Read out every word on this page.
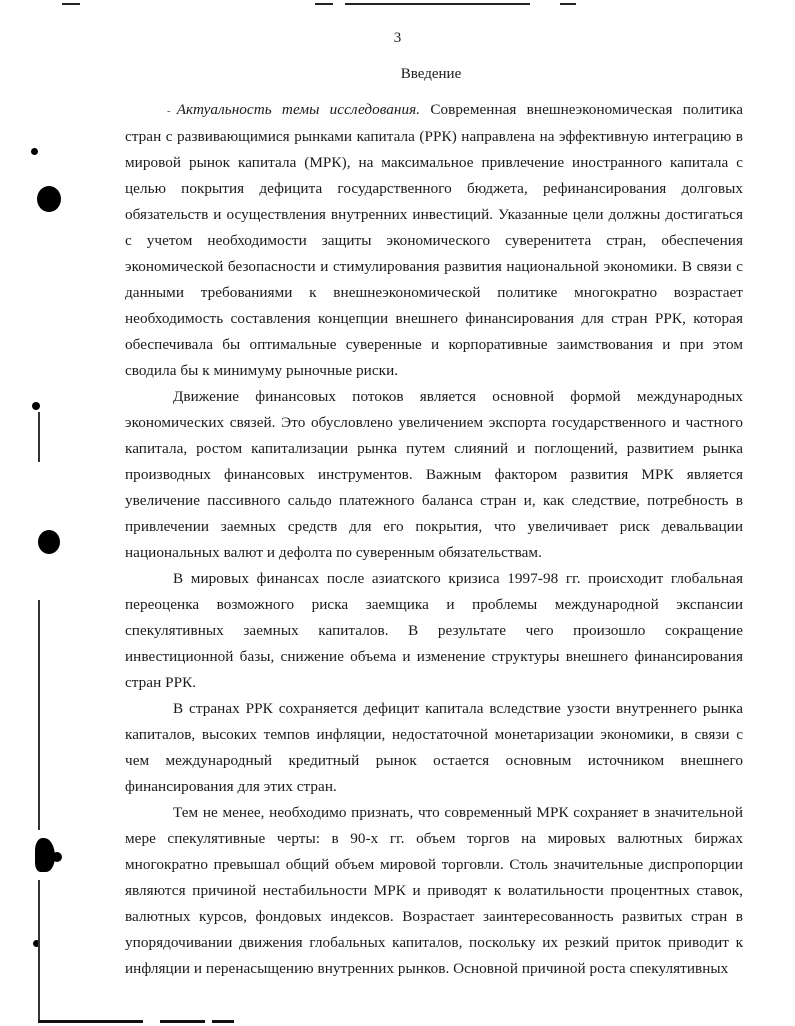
3
Введение

- Актуальность темы исследования. Современная внешнеэкономическая политика стран с развивающимися рынками капитала (РРК) направлена на эффективную интеграцию в мировой рынок капитала (МРК), на максимальное привлечение иностранного капитала с целью покрытия дефицита государственного бюджета, рефинансирования долговых обязательств и осуществления внутренних инвестиций. Указанные цели должны достигаться с учетом необходимости защиты экономического суверенитета стран, обеспечения экономической безопасности и стимулирования развития национальной экономики. В связи с данными требованиями к внешнеэкономической политике многократно возрастает необходимость составления концепции внешнего финансирования для стран РРК, которая обеспечивала бы оптимальные суверенные и корпоративные заимствования и при этом сводила бы к минимуму рыночные риски.

Движение финансовых потоков является основной формой международных экономических связей. Это обусловлено увеличением экспорта государственного и частного капитала, ростом капитализации рынка путем слияний и поглощений, развитием рынка производных финансовых инструментов. Важным фактором развития МРК является увеличение пассивного сальдо платежного баланса стран и, как следствие, потребность в привлечении заемных средств для его покрытия, что увеличивает риск девальвации национальных валют и дефолта по суверенным обязательствам.

В мировых финансах после азиатского кризиса 1997-98 гг. происходит глобальная переоценка возможного риска заемщика и проблемы международной экспансии спекулятивных заемных капиталов. В результате чего произошло сокращение инвестиционной базы, снижение объема и изменение структуры внешнего финансирования стран РРК.

В странах РРК сохраняется дефицит капитала вследствие узости внутреннего рынка капиталов, высоких темпов инфляции, недостаточной монетаризации экономики, в связи с чем международный кредитный рынок остается основным источником внешнего финансирования для этих стран.

Тем не менее, необходимо признать, что современный МРК сохраняет в значительной мере спекулятивные черты: в 90-х гг. объем торгов на мировых валютных биржах многократно превышал общий объем мировой торговли. Столь значительные диспропорции являются причиной нестабильности МРК и приводят к волатильности процентных ставок, валютных курсов, фондовых индексов. Возрастает заинтересованность развитых стран в упорядочивании движения глобальных капиталов, поскольку их резкий приток приводит к инфляции и перенасыщению внутренних рынков. Основной причиной роста спекулятивных
